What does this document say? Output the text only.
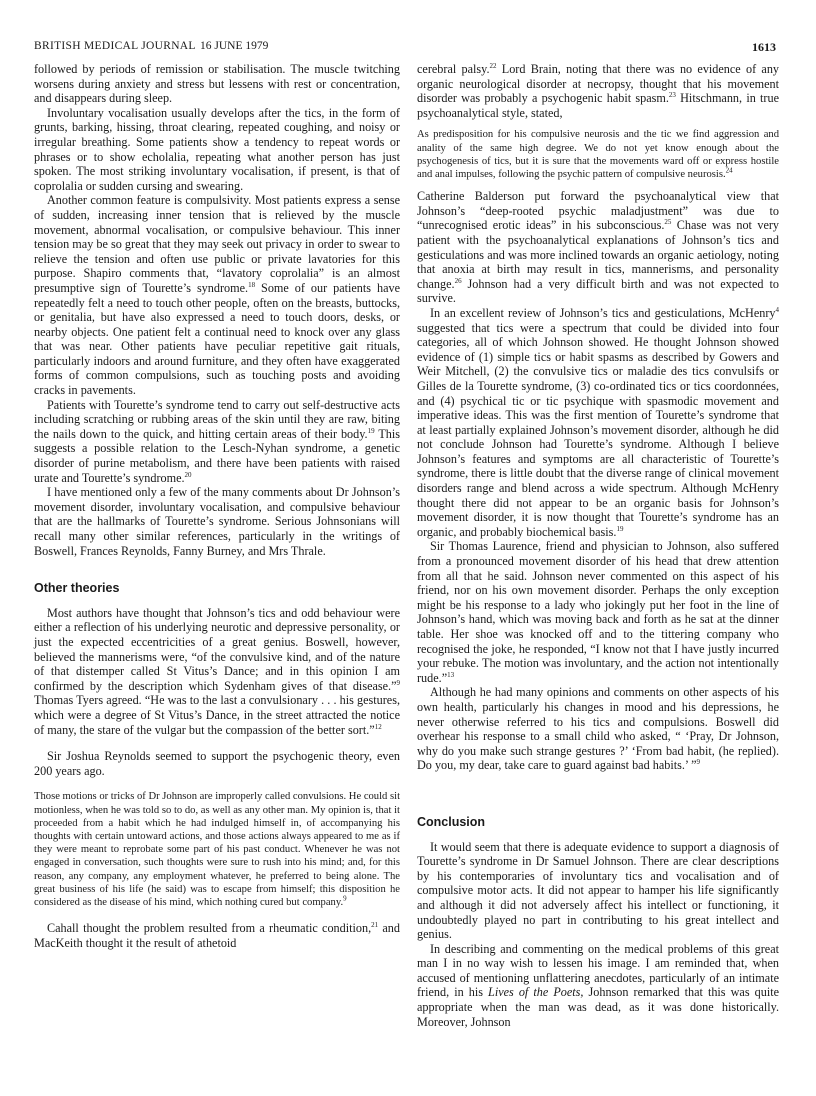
BRITISH MEDICAL JOURNAL 16 JUNE 1979	1613

followed by periods of remission or stabilisation. The muscle twitching worsens during anxiety and stress but lessens with rest or concentration, and disappears during sleep.

Involuntary vocalisation usually develops after the tics, in the form of grunts, barking, hissing, throat clearing, repeated coughing, and noisy or irregular breathing. Some patients show a tendency to repeat words or phrases or to show echolalia, repeating what another person has just spoken. The most striking involuntary vocalisation, if present, is that of coprolalia or sudden cursing and swearing.

Another common feature is compulsivity. Most patients express a sense of sudden, increasing inner tension that is relieved by the muscle movement, abnormal vocalisation, or compulsive behaviour. This inner tension may be so great that they may seek out privacy in order to swear to relieve the tension and often use public or private lavatories for this purpose. Shapiro comments that, “lavatory coprolalia” is an almost presumptive sign of Tourette’s syndrome.$^{18}$ Some of our patients have repeatedly felt a need to touch other people, often on the breasts, buttocks, or genitalia, but have also expressed a need to touch doors, desks, or nearby objects. One patient felt a continual need to knock over any glass that was near. Other patients have peculiar repetitive gait rituals, particularly indoors and around furniture, and they often have exaggerated forms of common compulsions, such as touching posts and avoiding cracks in pavements.

Patients with Tourette’s syndrome tend to carry out self-destructive acts including scratching or rubbing areas of the skin until they are raw, biting the nails down to the quick, and hitting certain areas of their body.$^{19}$ This suggests a possible relation to the Lesch-Nyhan syndrome, a genetic disorder of purine metabolism, and there have been patients with raised urate and Tourette’s syndrome.$^{20}$

I have mentioned only a few of the many comments about Dr Johnson’s movement disorder, involuntary vocalisation, and compulsive behaviour that are the hallmarks of Tourette’s syndrome. Serious Johnsonians will recall many other similar references, particularly in the writings of Boswell, Frances Reynolds, Fanny Burney, and Mrs Thrale.

Other theories

Most authors have thought that Johnson’s tics and odd behaviour were either a reflection of his underlying neurotic and depressive personality, or just the expected eccentricities of a great genius. Boswell, however, believed the mannerisms were, “of the convulsive kind, and of the nature of that distemper called St Vitus’s Dance; and in this opinion I am confirmed by the description which Sydenham gives of that disease.”$^9$ Thomas Tyers agreed. “He was to the last a convulsionary . . . his gestures, which were a degree of St Vitus’s Dance, in the street attracted the notice of many, the stare of the vulgar but the compassion of the better sort.”$^{12}$

Sir Joshua Reynolds seemed to support the psychogenic theory, even 200 years ago.

Those motions or tricks of Dr Johnson are improperly called convulsions. He could sit motionless, when he was told so to do, as well as any other man. My opinion is, that it proceeded from a habit which he had indulged himself in, of accompanying his thoughts with certain untoward actions, and those actions always appeared to me as if they were meant to reprobate some part of his past conduct. Whenever he was not engaged in conversation, such thoughts were sure to rush into his mind; and, for this reason, any company, any employment whatever, he preferred to being alone. The great business of his life (he said) was to escape from himself; this disposition he considered as the disease of his mind, which nothing cured but company.$^9$

Cahall thought the problem resulted from a rheumatic condition,$^{21}$ and MacKeith thought it the result of athetoid

cerebral palsy.$^{22}$ Lord Brain, noting that there was no evidence of any organic neurological disorder at necropsy, thought that his movement disorder was probably a psychogenic habit spasm.$^{23}$ Hitschmann, in true psychoanalytical style, stated,

As predisposition for his compulsive neurosis and the tic we find aggression and anality of the same high degree. We do not yet know enough about the psychogenesis of tics, but it is sure that the movements ward off or express hostile and anal impulses, following the psychic pattern of compulsive neurosis.$^{24}$

Catherine Balderson put forward the psychoanalytical view that Johnson’s “deep-rooted psychic maladjustment” was due to “unrecognised erotic ideas” in his subconscious.$^{25}$ Chase was not very patient with the psychoanalytical explanations of Johnson’s tics and gesticulations and was more inclined towards an organic aetiology, noting that anoxia at birth may result in tics, mannerisms, and personality change.$^{26}$ Johnson had a very difficult birth and was not expected to survive.

In an excellent review of Johnson’s tics and gesticulations, McHenry$^4$ suggested that tics were a spectrum that could be divided into four categories, all of which Johnson showed. He thought Johnson showed evidence of (1) simple tics or habit spasms as described by Gowers and Weir Mitchell, (2) the convulsive tics or maladie des tics convulsifs or Gilles de la Tourette syndrome, (3) co-ordinated tics or tics coordonnées, and (4) psychical tic or tic psychique with spasmodic movement and imperative ideas. This was the first mention of Tourette’s syndrome that at least partially explained Johnson’s movement disorder, although he did not conclude Johnson had Tourette’s syndrome. Although I believe Johnson’s features and symptoms are all characteristic of Tourette’s syndrome, there is little doubt that the diverse range of clinical movement disorders range and blend across a wide spectrum. Although McHenry thought there did not appear to be an organic basis for Johnson’s movement disorder, it is now thought that Tourette’s syndrome has an organic, and probably biochemical basis.$^{19}$

Sir Thomas Laurence, friend and physician to Johnson, also suffered from a pronounced movement disorder of his head that drew attention from all that he said. Johnson never commented on this aspect of his friend, nor on his own movement disorder. Perhaps the only exception might be his response to a lady who jokingly put her foot in the line of Johnson’s hand, which was moving back and forth as he sat at the dinner table. Her shoe was knocked off and to the tittering company who recognised the joke, he responded, “I know not that I have justly incurred your rebuke. The motion was involuntary, and the action not intentionally rude.”$^{13}$

Although he had many opinions and comments on other aspects of his own health, particularly his changes in mood and his depressions, he never otherwise referred to his tics and compulsions. Boswell did overhear his response to a small child who asked, “ ‘Pray, Dr Johnson, why do you make such strange gestures ?’ ‘From bad habit, (he replied). Do you, my dear, take care to guard against bad habits.’ ”$^9$

Conclusion

It would seem that there is adequate evidence to support a diagnosis of Tourette’s syndrome in Dr Samuel Johnson. There are clear descriptions by his contemporaries of involuntary tics and vocalisation and of compulsive motor acts. It did not appear to hamper his life significantly and although it did not adversely affect his intellect or functioning, it undoubtedly played no part in contributing to his great intellect and genius.

In describing and commenting on the medical problems of this great man I in no way wish to lessen his image. I am reminded that, when accused of mentioning unflattering anecdotes, particularly of an intimate friend, in his Lives of the Poets, Johnson remarked that this was quite appropriate when the man was dead, as it was done historically. Moreover, Johnson
